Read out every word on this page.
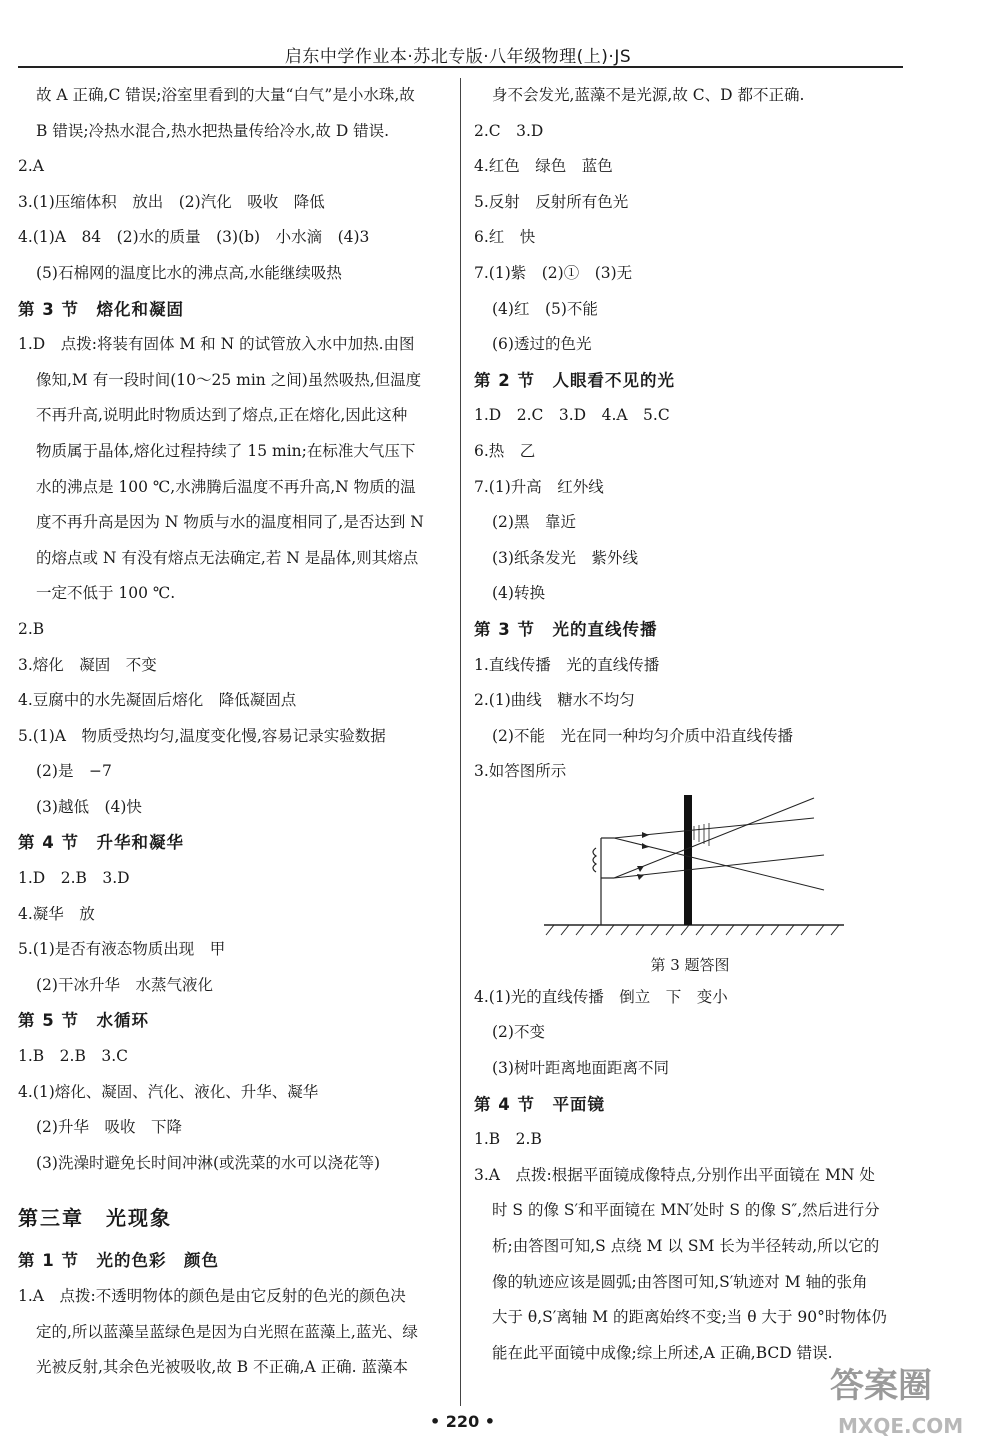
启东中学作业本·苏北专版·八年级物理(上)·JS
故 A 正确,C 错误;浴室里看到的大量“白气”是小水珠,故
B 错误;冷热水混合,热水把热量传给冷水,故 D 错误.
2.A
3.(1)压缩体积　放出　(2)汽化　吸收　降低
4.(1)A　84　(2)水的质量　(3)(b)　小水滴　(4)3
(5)石棉网的温度比水的沸点高,水能继续吸热
第 3 节　熔化和凝固
1.D　点拨:将装有固体 M 和 N 的试管放入水中加热.由图
像知,M 有一段时间(10～25 min 之间)虽然吸热,但温度
不再升高,说明此时物质达到了熔点,正在熔化,因此这种
物质属于晶体,熔化过程持续了 15 min;在标准大气压下
水的沸点是 100 ℃,水沸腾后温度不再升高,N 物质的温
度不再升高是因为 N 物质与水的温度相同了,是否达到 N
的熔点或 N 有没有熔点无法确定,若 N 是晶体,则其熔点
一定不低于 100 ℃.
2.B
3.熔化　凝固　不变
4.豆腐中的水先凝固后熔化　降低凝固点
5.(1)A　物质受热均匀,温度变化慢,容易记录实验数据
(2)是　−7
(3)越低　(4)快
第 4 节　升华和凝华
1.D　2.B　3.D
4.凝华　放
5.(1)是否有液态物质出现　甲
(2)干冰升华　水蒸气液化
第 5 节　水循环
1.B　2.B　3.C
4.(1)熔化、凝固、汽化、液化、升华、凝华
(2)升华　吸收　下降
(3)洗澡时避免长时间冲淋(或洗菜的水可以浇花等)
第三章　光现象
第 1 节　光的色彩　颜色
1.A　点拨:不透明物体的颜色是由它反射的色光的颜色决
定的,所以蓝藻呈蓝绿色是因为白光照在蓝藻上,蓝光、绿
光被反射,其余色光被吸收,故 B 不正确,A 正确. 蓝藻本
身不会发光,蓝藻不是光源,故 C、D 都不正确.
2.C　3.D
4.红色　绿色　蓝色
5.反射　反射所有色光
6.红　快
7.(1)紫　(2)①　(3)无
(4)红　(5)不能
(6)透过的色光
第 2 节　人眼看不见的光
1.D　2.C　3.D　4.A　5.C
6.热　乙
7.(1)升高　红外线
(2)黑　靠近
(3)纸条发光　紫外线
(4)转换
第 3 节　光的直线传播
1.直线传播　光的直线传播
2.(1)曲线　糖水不均匀
(2)不能　光在同一种均匀介质中沿直线传播
3.如答图所示
第 3 题答图
4.(1)光的直线传播　倒立　下　变小
(2)不变
(3)树叶距离地面距离不同
第 4 节　平面镜
1.B　2.B
3.A　点拨:根据平面镜成像特点,分别作出平面镜在 MN 处
时 S 的像 S′和平面镜在 MN′处时 S 的像 S″,然后进行分
析;由答图可知,S 点绕 M 以 SM 长为半径转动,所以它的
像的轨迹应该是圆弧;由答图可知,S′轨迹对 M 轴的张角
大于 θ,S′离轴 M 的距离始终不变;当 θ 大于 90°时物体仍
能在此平面镜中成像;综上所述,A 正确,BCD 错误.
• 220 •
答案圈
MXQE.COM
